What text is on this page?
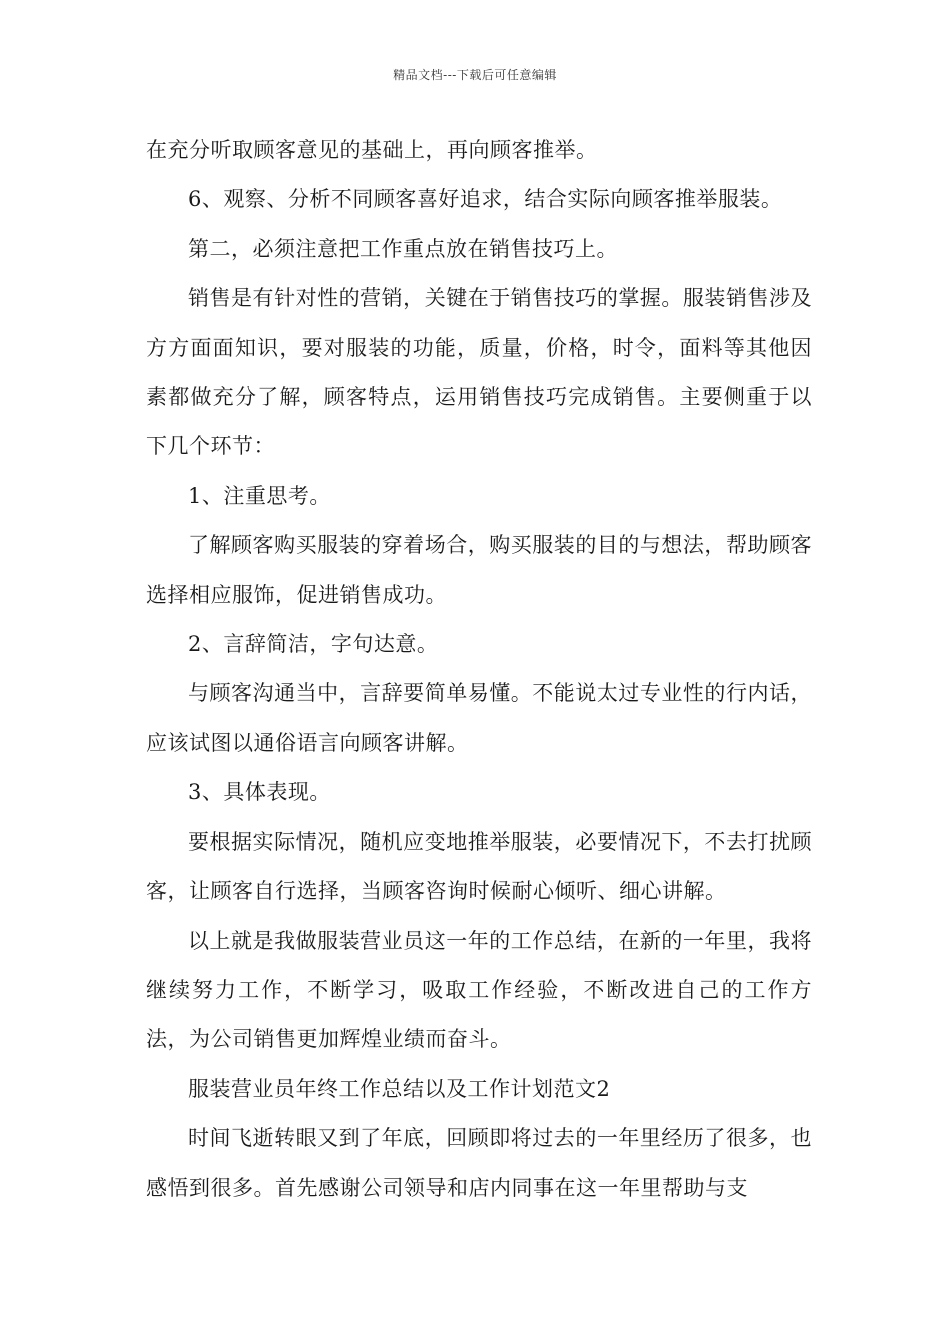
精品文档---下载后可任意编辑

在充分听取顾客意见的基础上，再向顾客推举。

6、观察、分析不同顾客喜好追求，结合实际向顾客推举服装。

第二，必须注意把工作重点放在销售技巧上。

销售是有针对性的营销，关键在于销售技巧的掌握。服装销售涉及方方面面知识，要对服装的功能，质量，价格，时令，面料等其他因素都做充分了解，顾客特点，运用销售技巧完成销售。主要侧重于以下几个环节：

1、注重思考。

了解顾客购买服装的穿着场合，购买服装的目的与想法，帮助顾客选择相应服饰，促进销售成功。

2、言辞简洁，字句达意。

与顾客沟通当中，言辞要简单易懂。不能说太过专业性的行内话，应该试图以通俗语言向顾客讲解。

3、具体表现。

要根据实际情况，随机应变地推举服装，必要情况下，不去打扰顾客，让顾客自行选择，当顾客咨询时候耐心倾听、细心讲解。

以上就是我做服装营业员这一年的工作总结，在新的一年里，我将继续努力工作，不断学习，吸取工作经验，不断改进自己的工作方法，为公司销售更加辉煌业绩而奋斗。

服装营业员年终工作总结以及工作计划范文2

时间飞逝转眼又到了年底，回顾即将过去的一年里经历了很多，也感悟到很多。首先感谢公司领导和店内同事在这一年里帮助与支
